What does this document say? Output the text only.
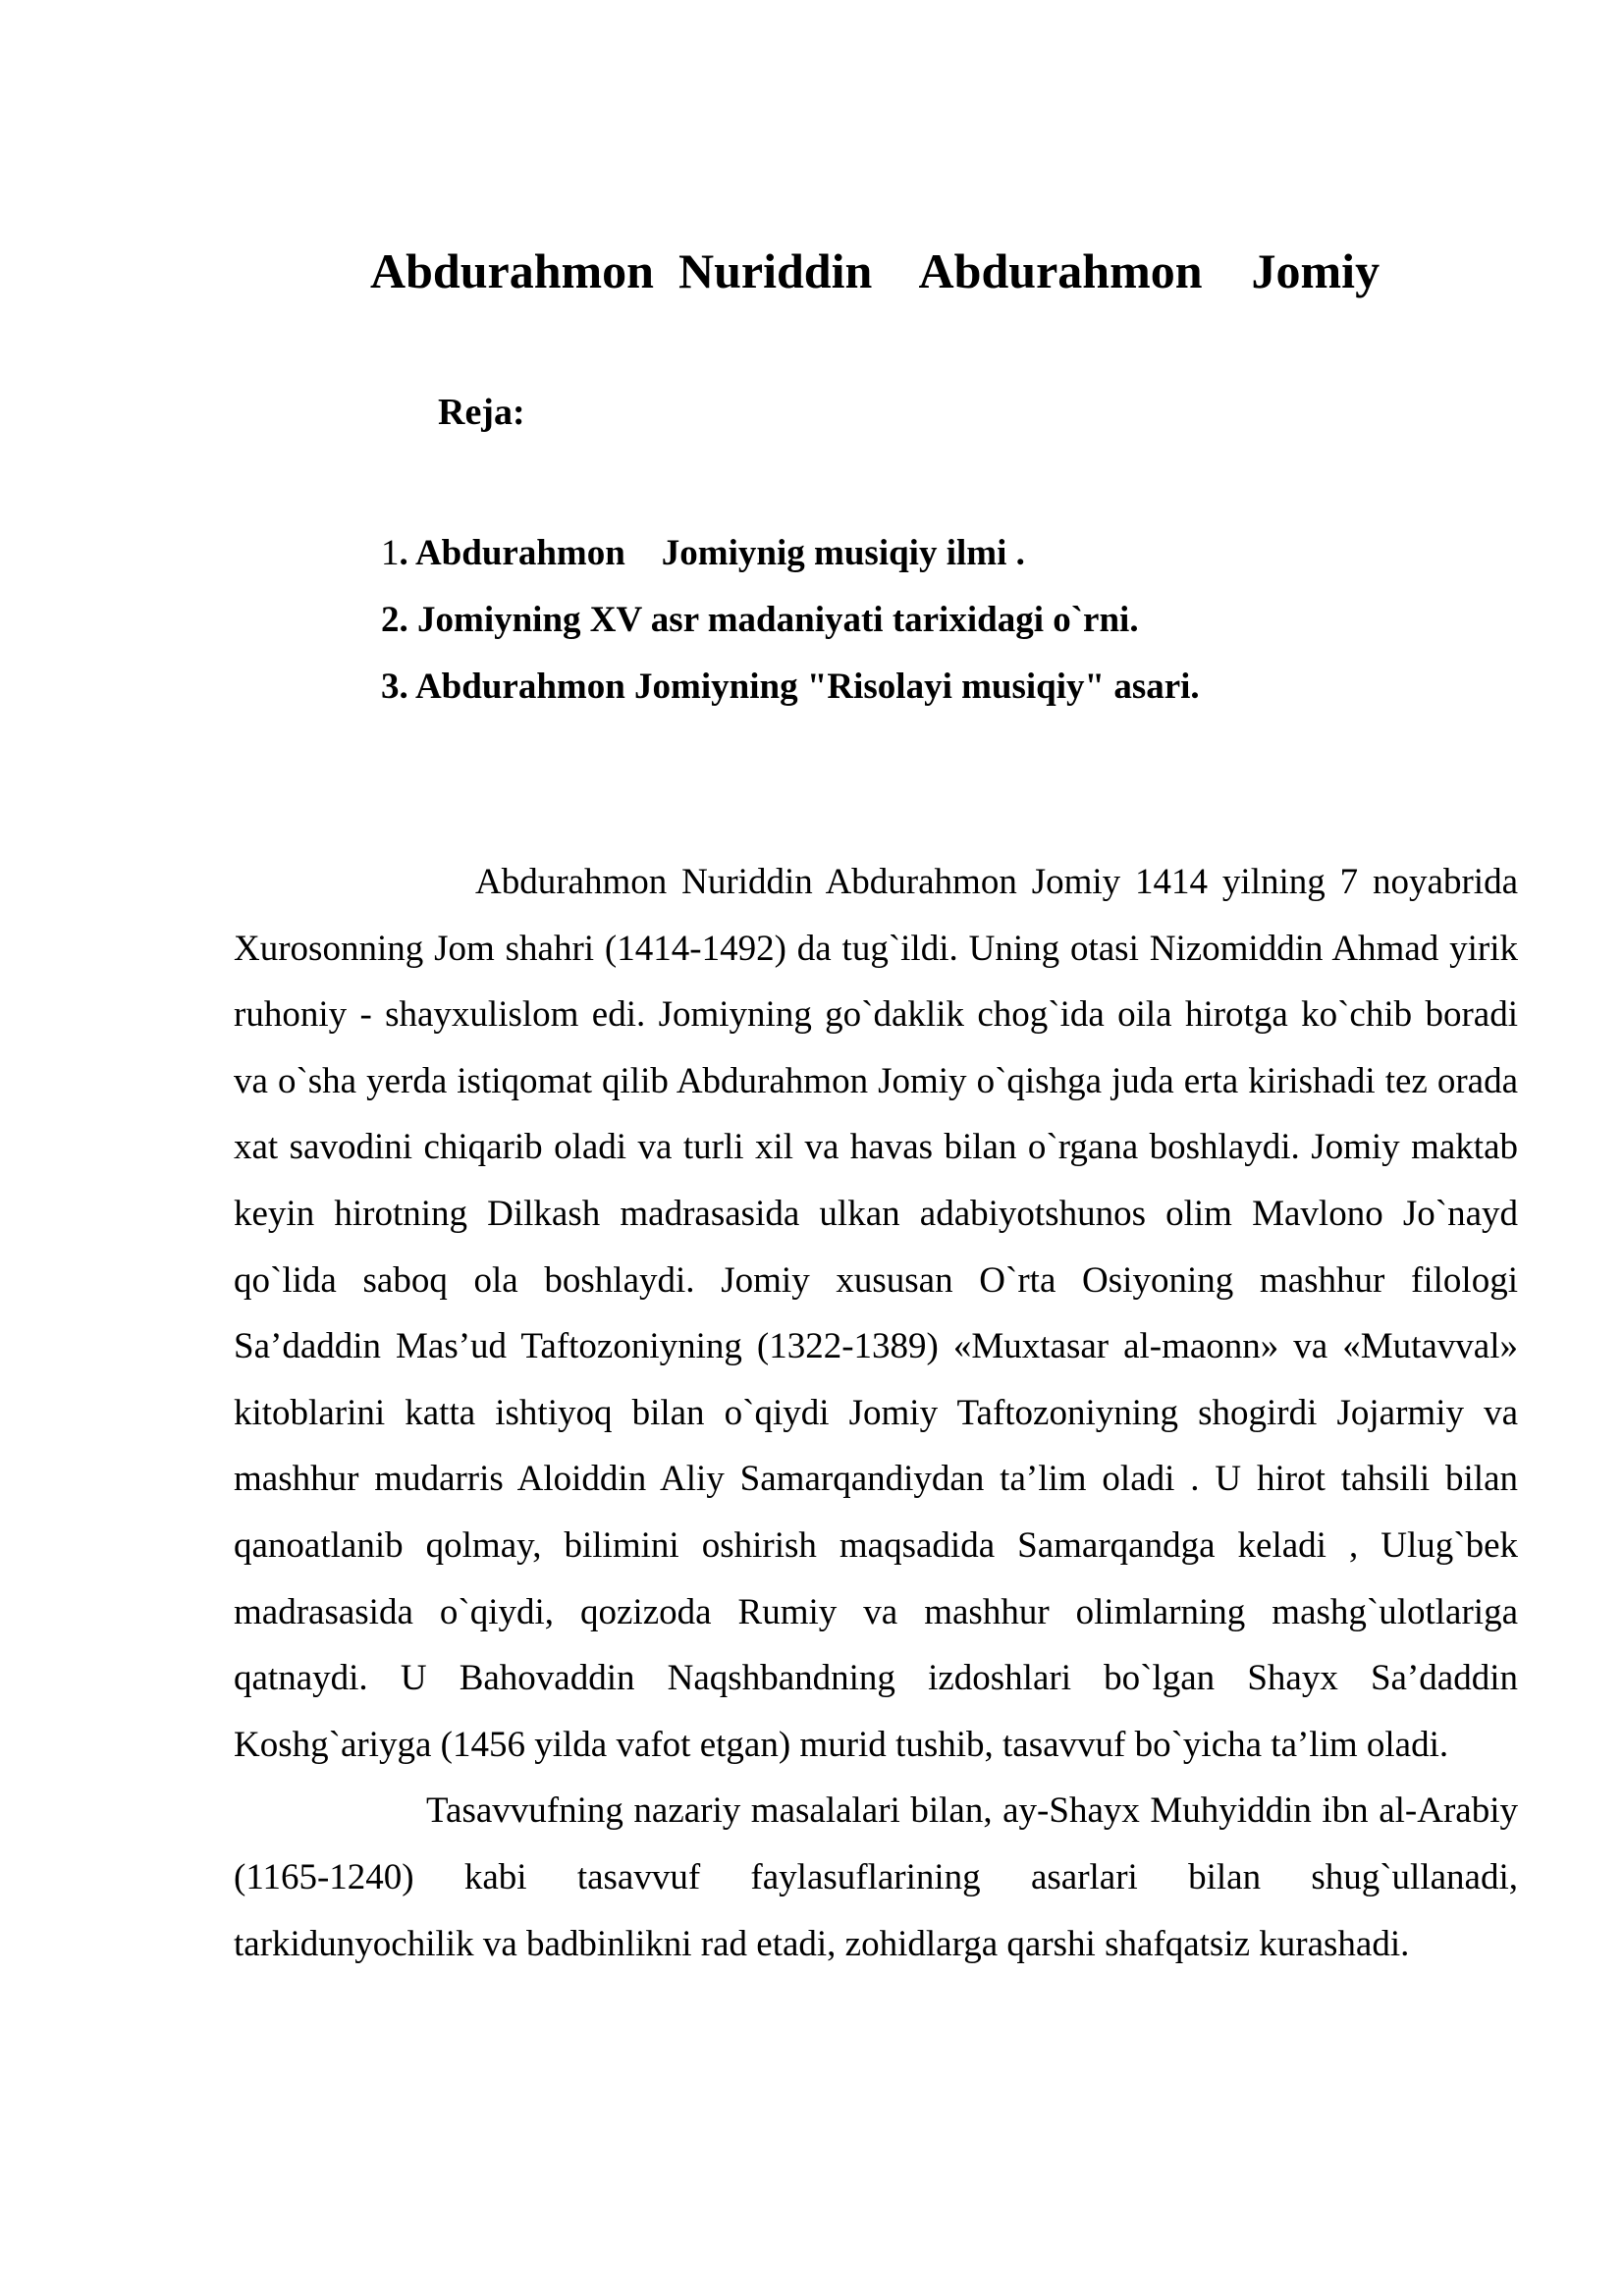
Abdurahmon  Nuriddin    Abdurahmon    Jomiy
Reja:
1. Abdurahmon    Jomiynig musiqiy ilmi .
2. Jomiyning XV asr madaniyati tarixidagi o`rni.
3. Abdurahmon Jomiyning "Risolayi musiqiy" asari.

Abdurahmon Nuriddin Abdurahmon Jomiy 1414 yilning 7 noyabrida Xurosonning Jom shahri (1414-1492) da tug`ildi. Uning otasi Nizomiddin Ahmad yirik ruhoniy - shayxulislom edi. Jomiyning go`daklik chog`ida oila hirotga ko`chib boradi va o`sha yerda istiqomat qilib Abdurahmon Jomiy o`qishga juda erta kirishadi tez orada xat savodini chiqarib oladi va turli xil va havas bilan o`rgana boshlaydi. Jomiy maktab keyin hirotning Dilkash madrasasida ulkan adabiyotshunos olim Mavlono Jo`nayd qo`lida saboq ola boshlaydi. Jomiy xususan O`rta Osiyoning mashhur filologi Sa’daddin Mas’ud Taftozoniyning (1322-1389) «Muxtasar al-maonn» va «Mutavval» kitoblarini katta ishtiyoq bilan o`qiydi Jomiy Taftozoniyning shogirdi Jojarmiy va mashhur mudarris Aloiddin Aliy Samarqandiydan ta’lim oladi . U hirot tahsili bilan qanoatlanib qolmay, bilimini oshirish maqsadida Samarqandga keladi , Ulug`bek madrasasida o`qiydi, qozizoda Rumiy va mashhur olimlarning mashg`ulotlariga qatnaydi. U Bahovaddin Naqshbandning izdoshlari bo`lgan Shayx Sa’daddin Koshg`ariyga (1456 yilda vafot etgan) murid tushib, tasavvuf bo`yicha ta’lim oladi.

Tasavvufning nazariy masalalari bilan, ay-Shayx Muhyiddin ibn al-Arabiy (1165-1240) kabi tasavvuf faylasuflarining asarlari bilan shug`ullanadi, tarkidunyochilik va badbinlikni rad etadi, zohidlarga qarshi shafqatsiz kurashadi.
